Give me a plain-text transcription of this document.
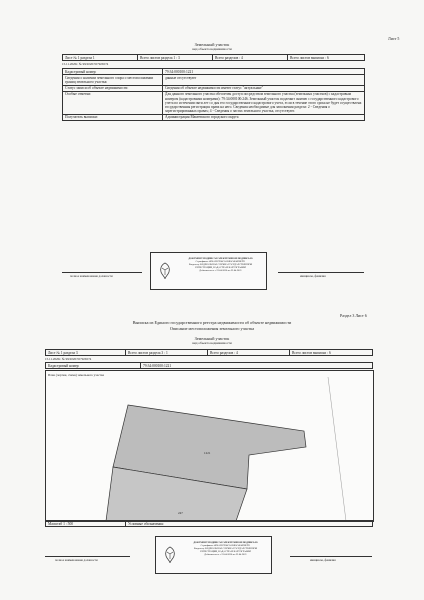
Лист 5
Земельный участок
вид объекта недвижимости
Лист № 1 раздела 1	Всего листов раздела 1 : 3	Всего разделов : 4	Всего листов выписки : 6
15.11.2020г. № 99/2020/357926574
Кадастровый номер:	79:34:000100:1221
Сведения о наличии земельного спора о местоположении границ земельного участка:	данные отсутствуют
Статус записи об объекте недвижимости:	Сведения об объекте недвижимости имеют статус "актуальные"
Особые отметки:	Для данного земельного участка обеспечен доступ посредством земельного участка (земельных участков) с кадастровым номером (кадастровыми номерами): 79:34:000100:246. Земельный участок подлежит снятию с государственного кадастрового учета по истечении пяти лет со дня его государственного кадастрового учета, если в течение этого срока не будет осуществлена государственная регистрация права на него. Сведения необходимые для заполнения раздела: 2 - Сведения о зарегистрированных правах; 4 - Сведения о частях земельного участка, отсутствуют.
Получатель выписки:	Администрация Макеевского городского округа
ДОКУМЕНТ ПОДПИСАН ЭЛЕКТРОННОЙ ПОДПИСЬЮ
Сертификат: 4D0A2B7F00C6ABB5C4E4E9B7D1
Владелец: ФЕДЕРАЛЬНАЯ СЛУЖБА ГОСУДАРСТВЕННОЙ
РЕГИСТРАЦИИ, КАДАСТРА И КАРТОГРАФИИ
Действителен: с 23.04.2020 по 23.04.2021
полное наименование должности	инициалы, фамилия
Раздел 3 Лист 6
Выписка из Единого государственного реестра недвижимости об объекте недвижимости
Описание местоположения земельного участка
Земельный участок
вид объекта недвижимости
Лист № 1 раздела 3	Всего листов раздела 3 : 1	Всего разделов : 4	Всего листов выписки : 6
15.11.2020г. № 99/2020/357926574
Кадастровый номер:	79:34:000100:1221
План (чертеж, схема) земельного участка
1221
247
Масштаб 1 : 500	Условные обозначения:
ДОКУМЕНТ ПОДПИСАН ЭЛЕКТРОННОЙ ПОДПИСЬЮ
Сертификат: 4D0A2B7F00C6ABB5C4E4E9B7D1
Владелец: ФЕДЕРАЛЬНАЯ СЛУЖБА ГОСУДАРСТВЕННОЙ
РЕГИСТРАЦИИ, КАДАСТРА И КАРТОГРАФИИ
Действителен: с 23.04.2020 по 23.04.2021
полное наименование должности	инициалы, фамилия
